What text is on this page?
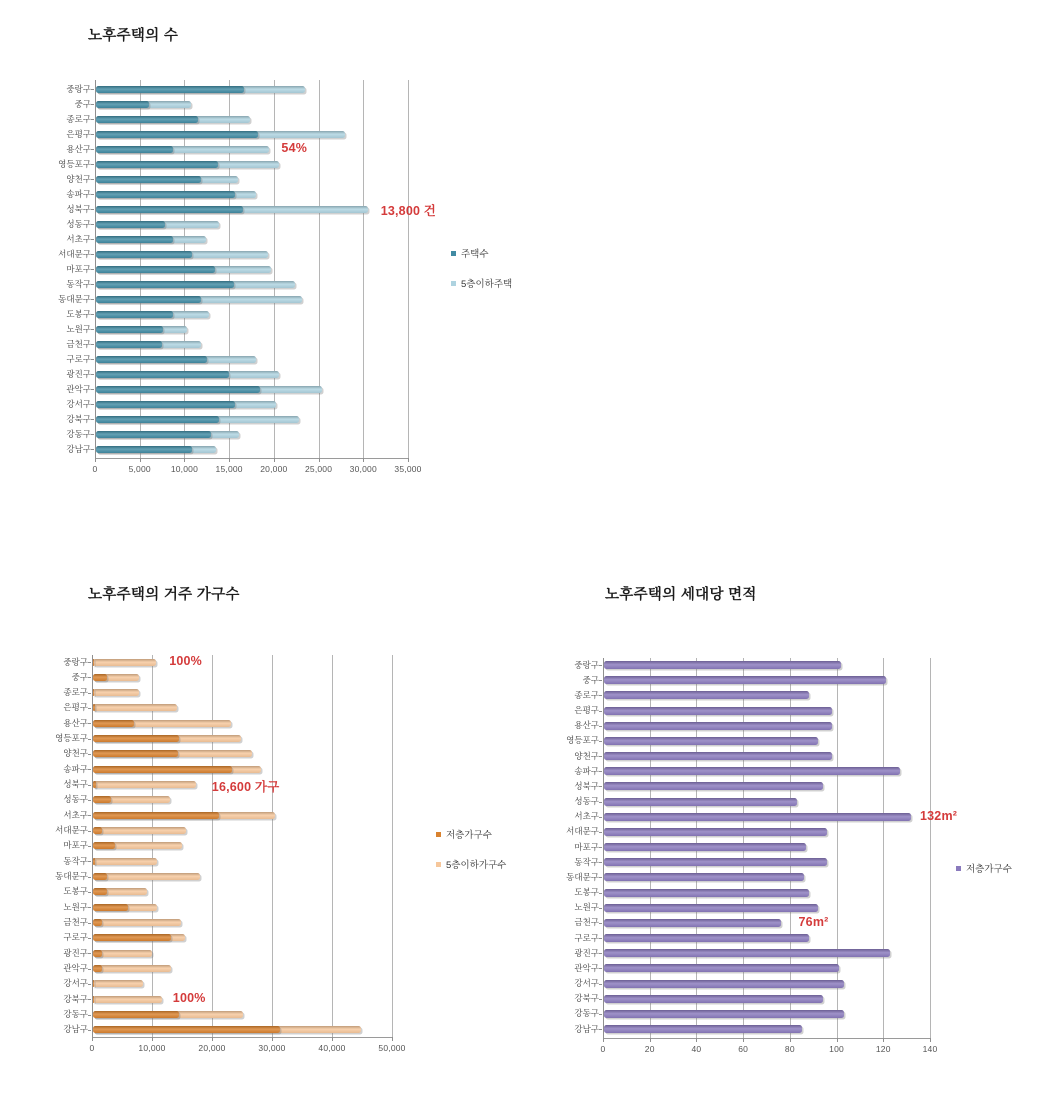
노후주택의 수
노후주택의 거주 가구수	노후주택의 세대당 면적
0	5,000 10,000 15,000 20,000 25,000 30,000 35,000
중랑구
중구
종로구
은평구
용산구
영등포구
양천구
송파구
성북구
성동구
서초구
서대문구
마포구
동작구
동대문구
도봉구
노원구
금천구
구로구
광진구
관악구
강서구
강북구
강동구
강남구
54%
13,800 건
0	10,000	20,000	30,000	40,000	50,000
중랑구
중구
종로구
은평구
용산구
영등포구
양천구
송파구
성북구
성동구
서초구
서대문구
마포구
동작구
동대문구
도봉구
노원구
금천구
구로구
광진구
관악구
강서구
강북구
강동구
강남구
100%
16,600 가구
100%
0	20	40	60	80	100	120	140
중랑구
중구
종로구
은평구
용산구
영등포구
양천구
송파구
성북구
성동구
서초구
서대문구
마포구
동작구
동대문구
도봉구
노원구
금천구
구로구
광진구
관악구
강서구
강북구
강동구
강남구
132m²
76m²
주택수
5층이하주택
저층가구수
5층이하가구수	저층가구수
